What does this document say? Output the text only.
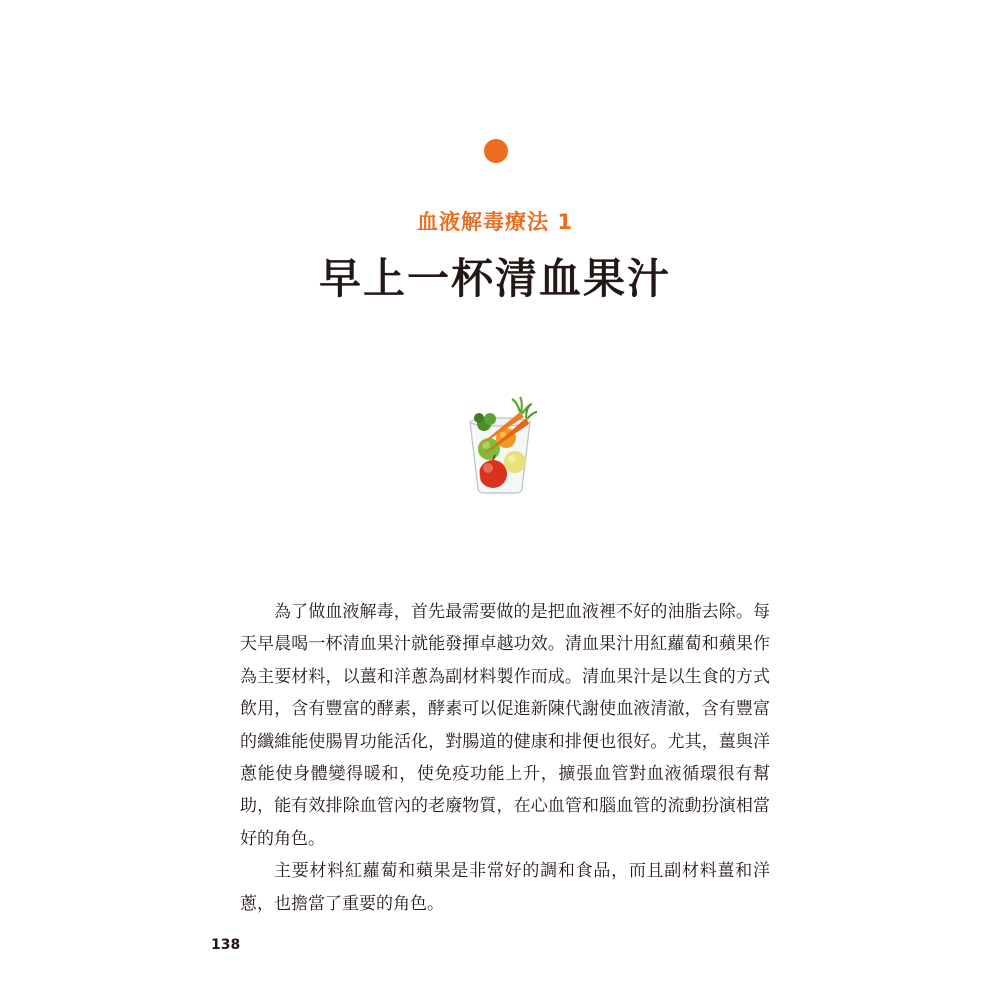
血液解毒療法 1
早上一杯清血果汁

為了做血液解毒，首先最需要做的是把血液裡不好的油脂去除。每天早晨喝一杯清血果汁就能發揮卓越功效。清血果汁用紅蘿蔔和蘋果作為主要材料，以薑和洋蔥為副材料製作而成。清血果汁是以生食的方式飲用，含有豐富的酵素，酵素可以促進新陳代謝使血液清澈，含有豐富的纖維能使腸胃功能活化，對腸道的健康和排便也很好。尤其，薑與洋蔥能使身體變得暖和，使免疫功能上升，擴張血管對血液循環很有幫助，能有效排除血管內的老廢物質，在心血管和腦血管的流動扮演相當好的角色。

主要材料紅蘿蔔和蘋果是非常好的調和食品，而且副材料薑和洋蔥，也擔當了重要的角色。

138
